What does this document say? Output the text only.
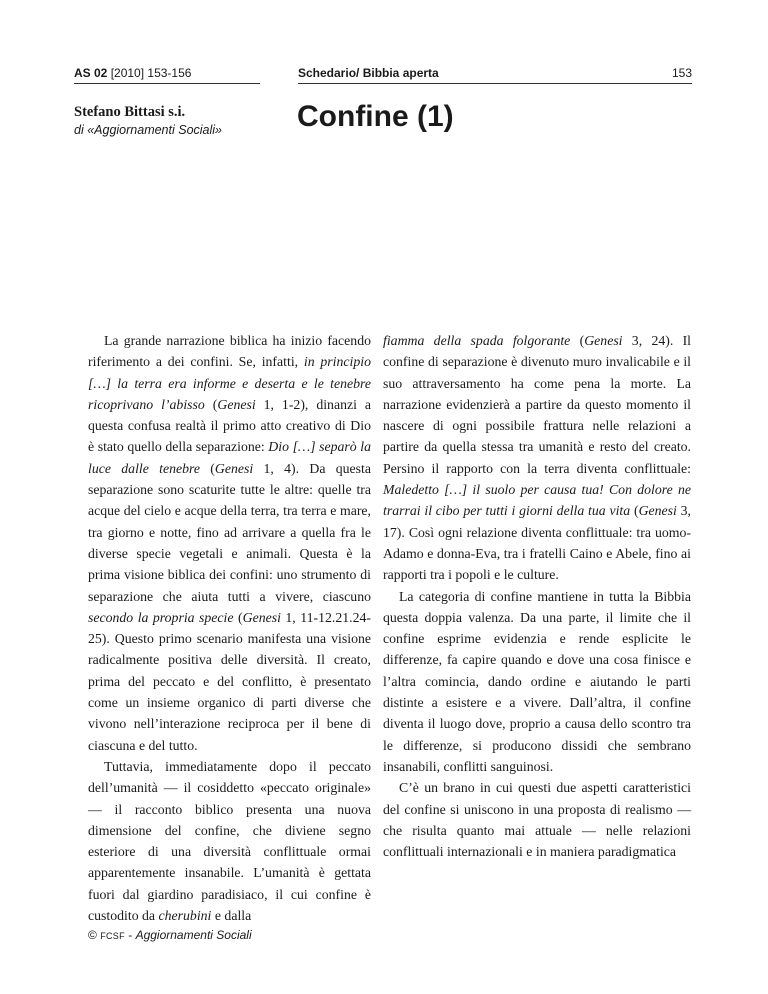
AS 02 [2010] 153-156	Schedario/ Bibbia aperta	153
Stefano Bittasi s.i.
di «Aggiornamenti Sociali» Confine (1)

La grande narrazione biblica ha inizio facendo riferimento a dei confini. Se, infatti, in principio […] la terra era informe e deserta e le tenebre ricoprivano l’abisso (Genesi 1, 1-2), dinanzi a questa confusa realtà il primo atto creativo di Dio è stato quello della separazione: Dio […] separò la luce dalle tenebre (Genesi 1, 4). Da questa separazione sono scaturite tutte le altre: quelle tra acque del cielo e acque della terra, tra terra e mare, tra giorno e notte, fino ad arrivare a quella fra le diverse specie vegetali e animali. Questa è la prima visione biblica dei confini: uno strumento di separazione che aiuta tutti a vivere, ciascuno secondo la propria specie (Genesi 1, 11-12.21.24-25). Questo primo scenario manifesta una visione radicalmente positiva delle diversità. Il creato, prima del peccato e del conflitto, è presentato come un insieme organico di parti diverse che vivono nell’interazione reciproca per il bene di ciascuna e del tutto.

Tuttavia, immediatamente dopo il peccato dell’umanità — il cosiddetto «peccato originale» — il racconto biblico presenta una nuova dimensione del confine, che diviene segno esteriore di una diversità conflittuale ormai apparentemente insanabile. L’umanità è gettata fuori dal giardino paradisiaco, il cui confine è custodito da cherubini e dalla

fiamma della spada folgorante (Genesi 3, 24). Il confine di separazione è divenuto muro invalicabile e il suo attraversamento ha come pena la morte. La narrazione evidenzierà a partire da questo momento il nascere di ogni possibile frattura nelle relazioni a partire da quella stessa tra umanità e resto del creato. Persino il rapporto con la terra diventa conflittuale: Maledetto […] il suolo per causa tua! Con dolore ne trarrai il cibo per tutti i giorni della tua vita (Genesi 3, 17). Così ogni relazione diventa conflittuale: tra uomo-Adamo e donna-Eva, tra i fratelli Caino e Abele, fino ai rapporti tra i popoli e le culture.

La categoria di confine mantiene in tutta la Bibbia questa doppia valenza. Da una parte, il limite che il confine esprime evidenzia e rende esplicite le differenze, fa capire quando e dove una cosa finisce e l’altra comincia, dando ordine e aiutando le parti distinte a esistere e a vivere. Dall’altra, il confine diventa il luogo dove, proprio a causa dello scontro tra le differenze, si producono dissidi che sembrano insanabili, conflitti sanguinosi.

C’è un brano in cui questi due aspetti caratteristici del confine si uniscono in una proposta di realismo — che risulta quanto mai attuale — nelle relazioni conflittuali internazionali e in maniera paradigmatica

© FCSF - Aggiornamenti Sociali
